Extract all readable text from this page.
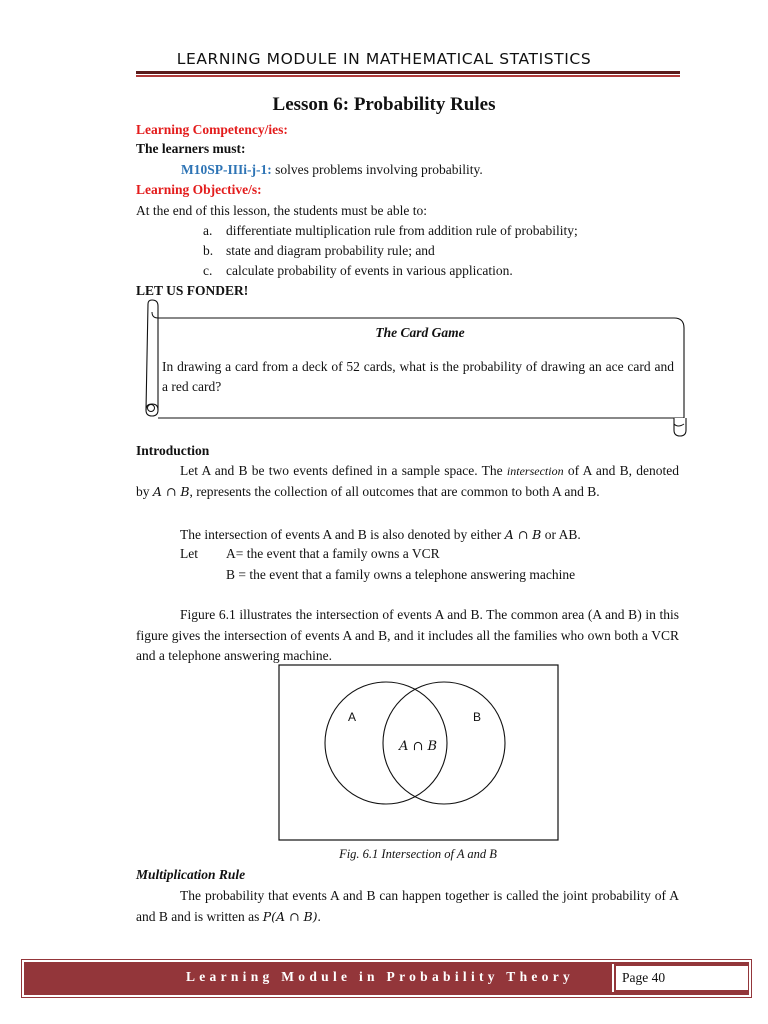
LEARNING MODULE IN MATHEMATICAL STATISTICS
Lesson 6: Probability Rules
Learning Competency/ies:
The learners must:
M10SP-IIIi-j-1: solves problems involving probability.
Learning Objective/s:
At the end of this lesson, the students must be able to:
a. differentiate multiplication rule from addition rule of probability;
b. state and diagram probability rule; and
c. calculate probability of events in various application.
LET US FONDER!
The Card Game
In drawing a card from a deck of 52 cards, what is the probability of drawing an ace card and a red card?
Introduction
Let A and B be two events defined in a sample space. The intersection of A and B, denoted by A ∩ B, represents the collection of all outcomes that are common to both A and B.
The intersection of events A and B is also denoted by either A ∩ B or AB.
Let A= the event that a family owns a VCR
B = the event that a family owns a telephone answering machine
Figure 6.1 illustrates the intersection of events A and B. The common area (A and B) in this figure gives the intersection of events A and B, and it includes all the families who own both a VCR and a telephone answering machine.
A	B
A ∩ B
Fig. 6.1 Intersection of A and B
Multiplication Rule
The probability that events A and B can happen together is called the joint probability of A and B and is written as P(A ∩ B).
Learning Module in Probability Theory	Page 40
